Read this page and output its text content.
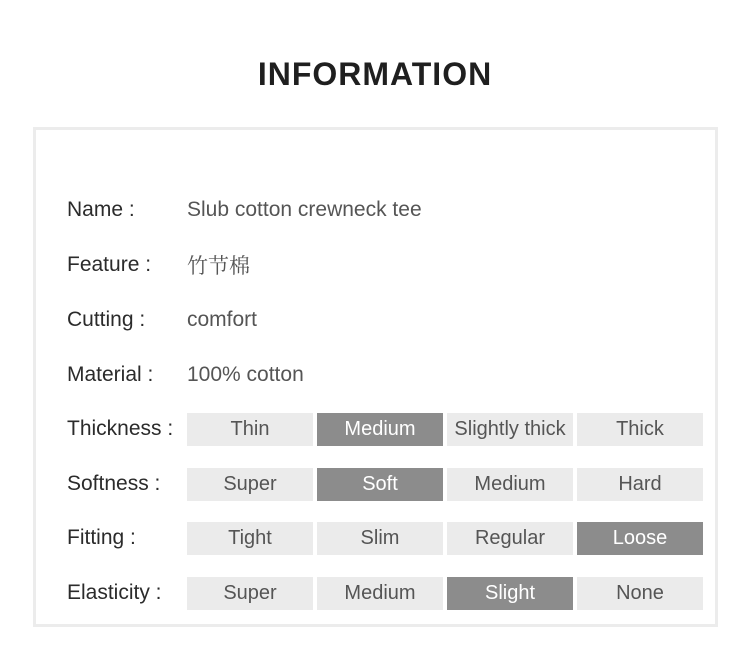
INFORMATION
Name :	Slub cotton crewneck tee
Feature :	竹节棉
Cutting :	comfort
Material :	100% cotton
Thickness :	Thin	Medium	Slightly thick	Thick
Softness :	Super	Soft	Medium	Hard
Fitting :	Tight	Slim	Regular	Loose
Elasticity :	Super	Medium	Slight	None
